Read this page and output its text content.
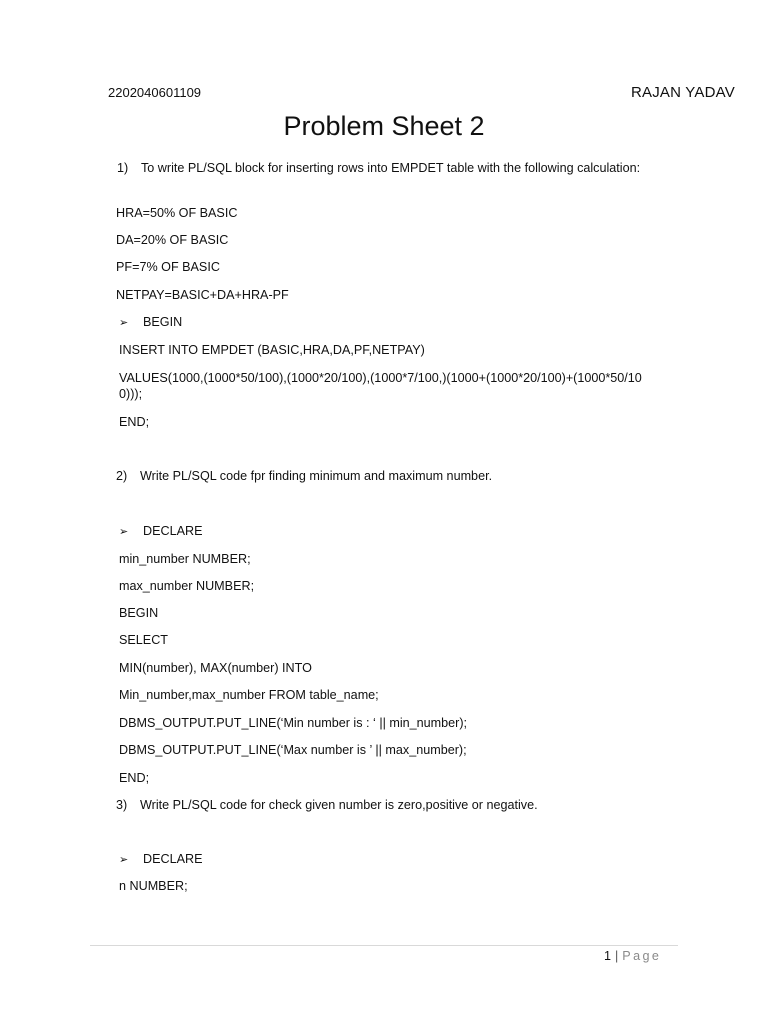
2202040601109	RAJAN YADAV
Problem Sheet 2
1) To write PL/SQL block for inserting rows into EMPDET table with the following calculation:
HRA=50% OF BASIC
DA=20% OF BASIC
PF=7% OF BASIC
NETPAY=BASIC+DA+HRA-PF
➢ BEGIN
INSERT INTO EMPDET (BASIC,HRA,DA,PF,NETPAY)
VALUES(1000,(1000*50/100),(1000*20/100),(1000*7/100,)(1000+(1000*20/100)+(1000*50/10
0)));
END;
2) Write PL/SQL code fpr finding minimum and maximum number.
➢ DECLARE
min_number NUMBER;
max_number NUMBER;
BEGIN
SELECT
MIN(number), MAX(number) INTO
Min_number,max_number FROM table_name;
DBMS_OUTPUT.PUT_LINE(‘Min number is : ‘ || min_number);
DBMS_OUTPUT.PUT_LINE(‘Max number is ’ || max_number);
END;
3) Write PL/SQL code for check given number is zero,positive or negative.
➢ DECLARE
n NUMBER;
1 | Page
